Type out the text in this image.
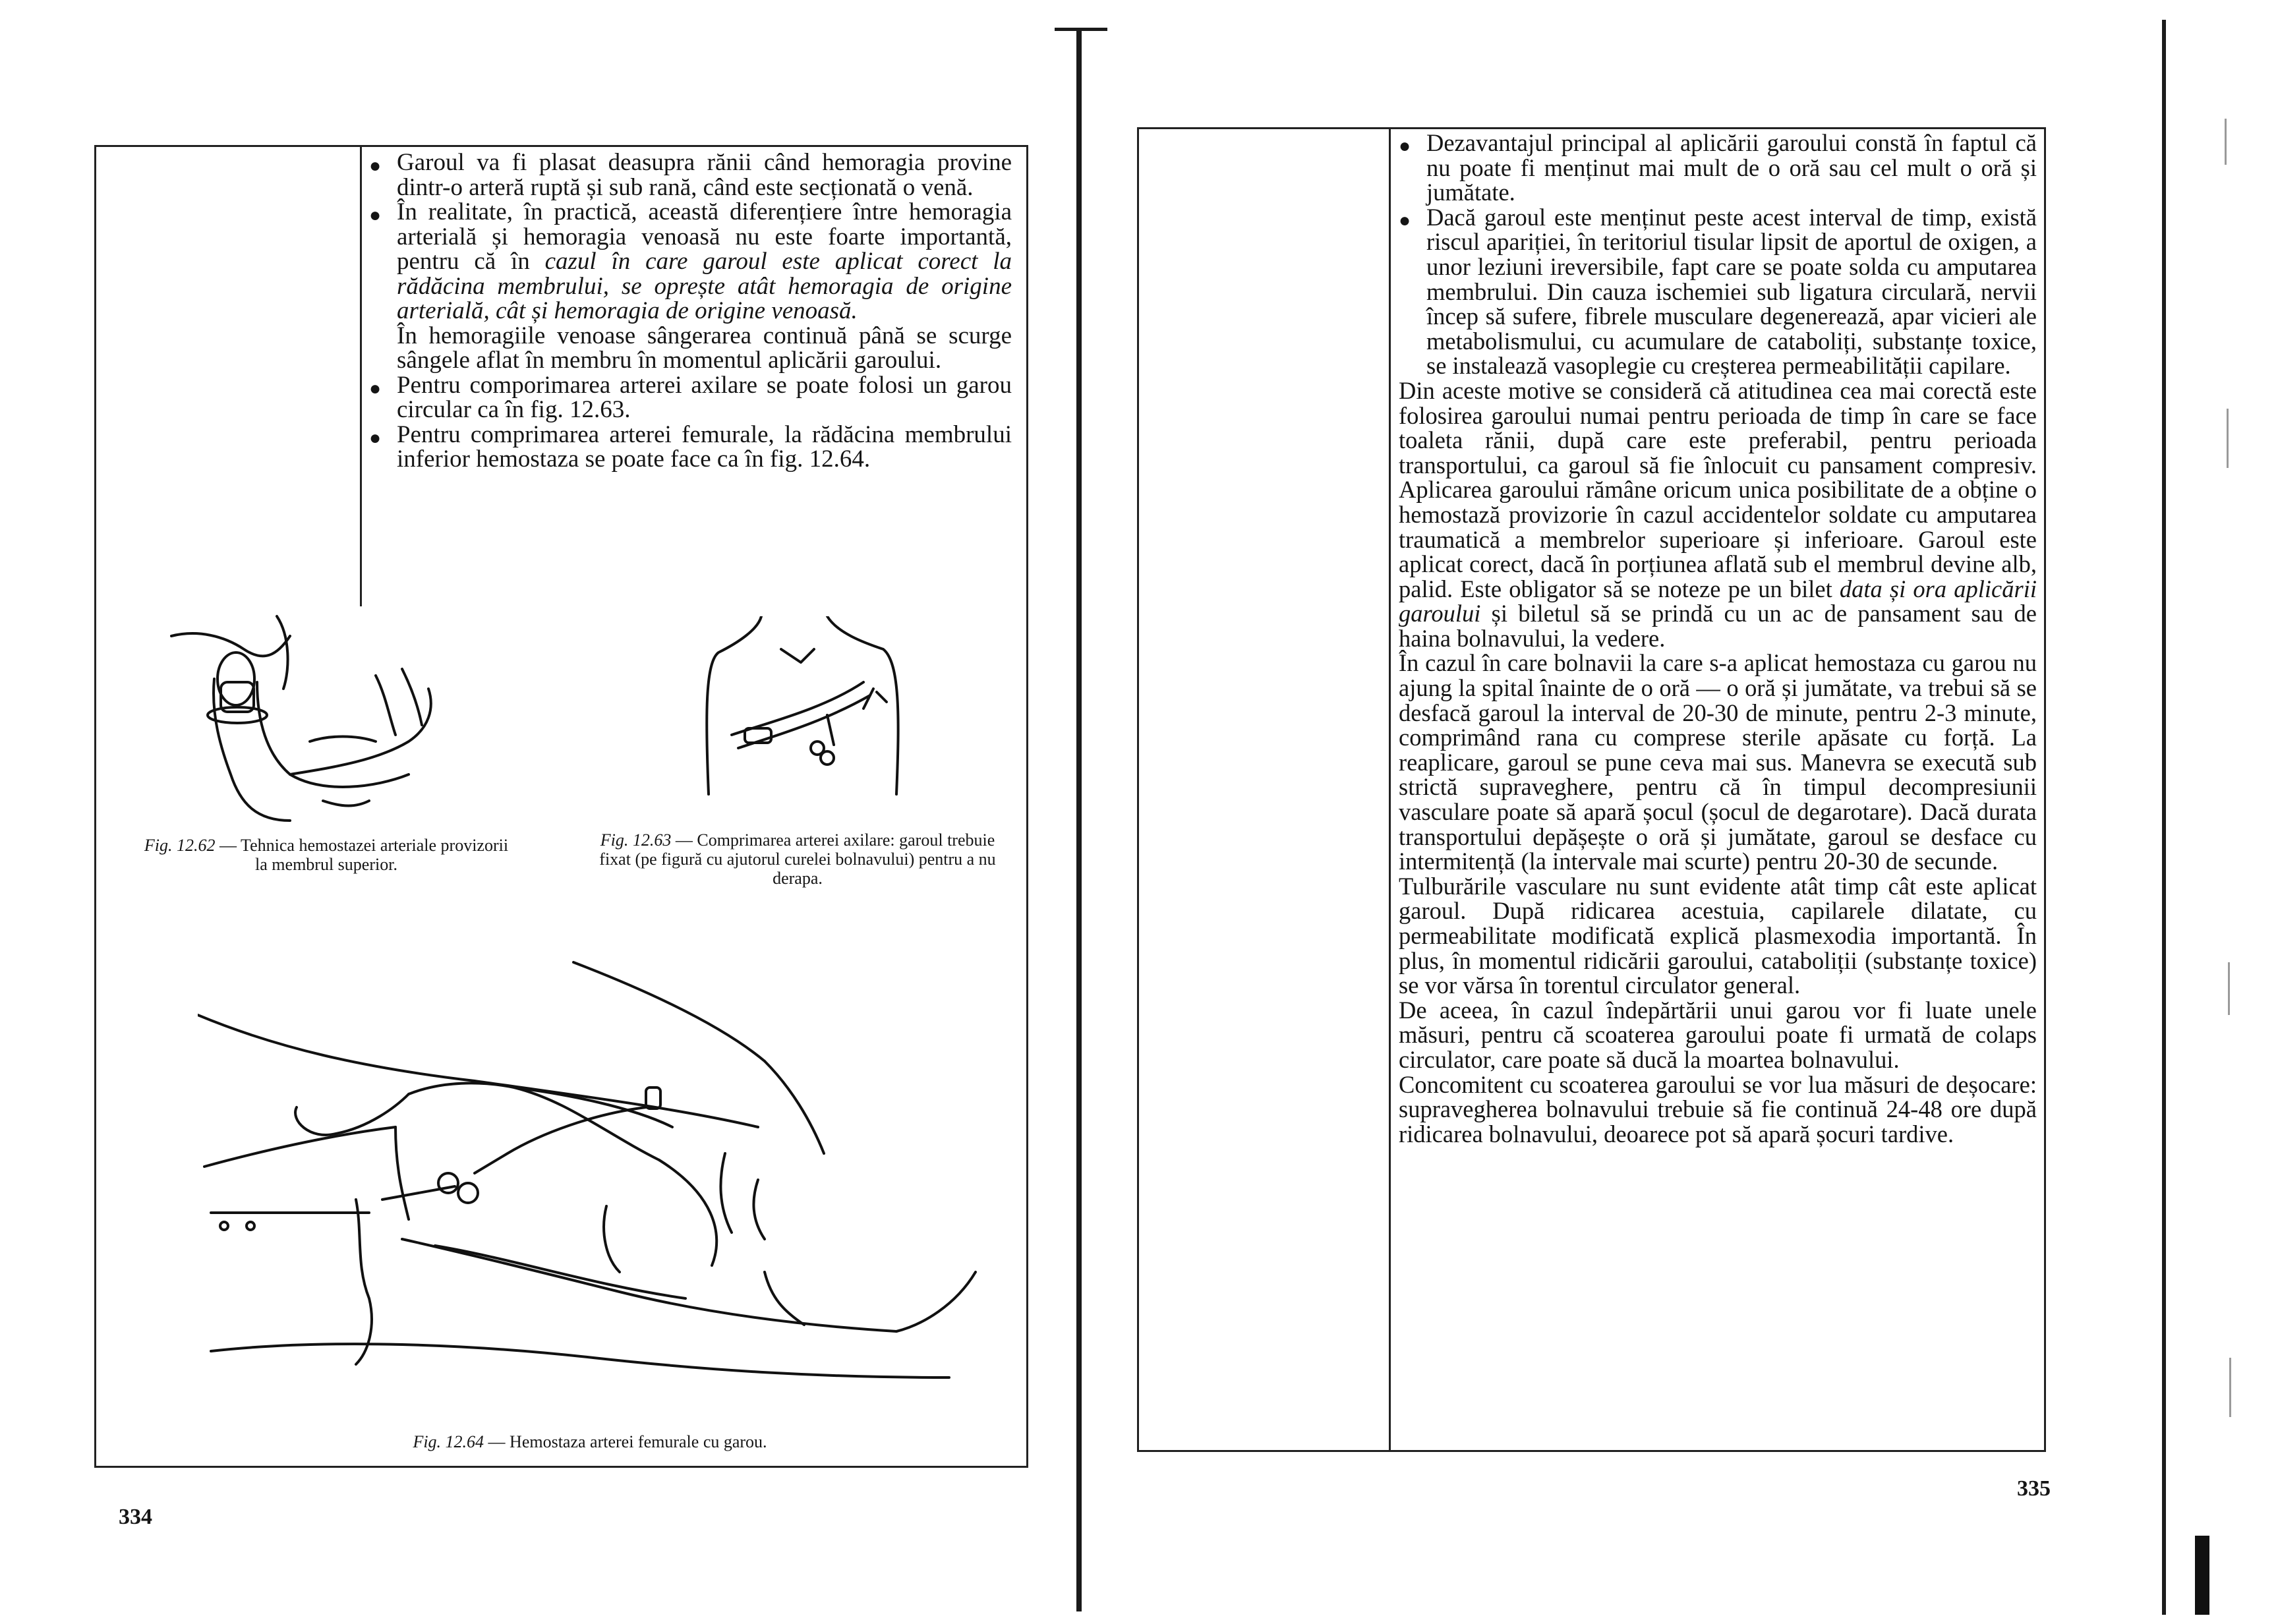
● Garoul va fi plasat deasupra rănii când hemoragia provine dintr-o arteră ruptă și sub rană, când este secționată o venă.
● În realitate, în practică, această diferențiere între hemoragia arterială și hemoragia venoasă nu este foarte importantă, pentru că în cazul în care garoul este aplicat corect la rădăcina membrului, se oprește atât hemoragia de origine arterială, cât și hemoragia de origine venoasă.
În hemoragiile venoase sângerarea continuă până se scurge sângele aflat în membru în momentul aplicării garoului.
● Pentru comporimarea arterei axilare se poate folosi un garou circular ca în fig. 12.63.
● Pentru comprimarea arterei femurale, la rădăcina membrului inferior hemostaza se poate face ca în fig. 12.64.
Fig. 12.62 — Tehnica hemostazei arteriale provizorii la membrul superior.
Fig. 12.63 — Comprimarea arterei axilare: garoul trebuie fixat (pe figură cu ajutorul curelei bolnavului) pentru a nu derapa.
Fig. 12.64 — Hemostaza arterei femurale cu garou.
334
● Dezavantajul principal al aplicării garoului constă în faptul că nu poate fi menținut mai mult de o oră sau cel mult o oră și jumătate.
● Dacă garoul este menținut peste acest interval de timp, există riscul apariției, în teritoriul tisular lipsit de aportul de oxigen, a unor leziuni ireversibile, fapt care se poate solda cu amputarea membrului. Din cauza ischemiei sub ligatura circulară, nervii încep să sufere, fibrele musculare degenerează, apar vicieri ale metabolismului, cu acumulare de cataboliți, substanțe toxice, se instalează vasoplegie cu creșterea permeabilității capilare.

Din aceste motive se consideră că atitudinea cea mai corectă este folosirea garoului numai pentru perioada de timp în care se face toaleta rănii, după care este preferabil, pentru perioada transportului, ca garoul să fie înlocuit cu pansament compresiv. Aplicarea garoului rămâne oricum unica posibilitate de a obține o hemostază provizorie în cazul accidentelor soldate cu amputarea traumatică a membrelor superioare și inferioare. Garoul este aplicat corect, dacă în porțiunea aflată sub el membrul devine alb, palid. Este obligator să se noteze pe un bilet data și ora aplicării garoului și biletul să se prindă cu un ac de pansament sau de haina bolnavului, la vedere.

În cazul în care bolnavii la care s-a aplicat hemostaza cu garou nu ajung la spital înainte de o oră — o oră și jumătate, va trebui să se desfacă garoul la interval de 20-30 de minute, pentru 2-3 minute, comprimând rana cu comprese sterile apăsate cu forță. La reaplicare, garoul se pune ceva mai sus. Manevra se execută sub strictă supraveghere, pentru că în timpul decompresiunii vasculare poate să apară șocul (șocul de degarotare). Dacă durata transportului depășește o oră și jumătate, garoul se desface cu intermitență (la intervale mai scurte) pentru 20-30 de secunde.

Tulburările vasculare nu sunt evidente atât timp cât este aplicat garoul. După ridicarea acestuia, capilarele dilatate, cu permeabilitate modificată explică plasmexodia importantă. În plus, în momentul ridicării garoului, cataboliții (substanțe toxice) se vor vărsa în torentul circulator general.

De aceea, în cazul îndepărtării unui garou vor fi luate unele măsuri, pentru că scoaterea garoului poate fi urmată de colaps circulator, care poate să ducă la moartea bolnavului.

Concomitent cu scoaterea garoului se vor lua măsuri de deșocare: supravegherea bolnavului trebuie să fie continuă 24-48 ore după ridicarea bolnavului, deoarece pot să apară șocuri tardive.

335
